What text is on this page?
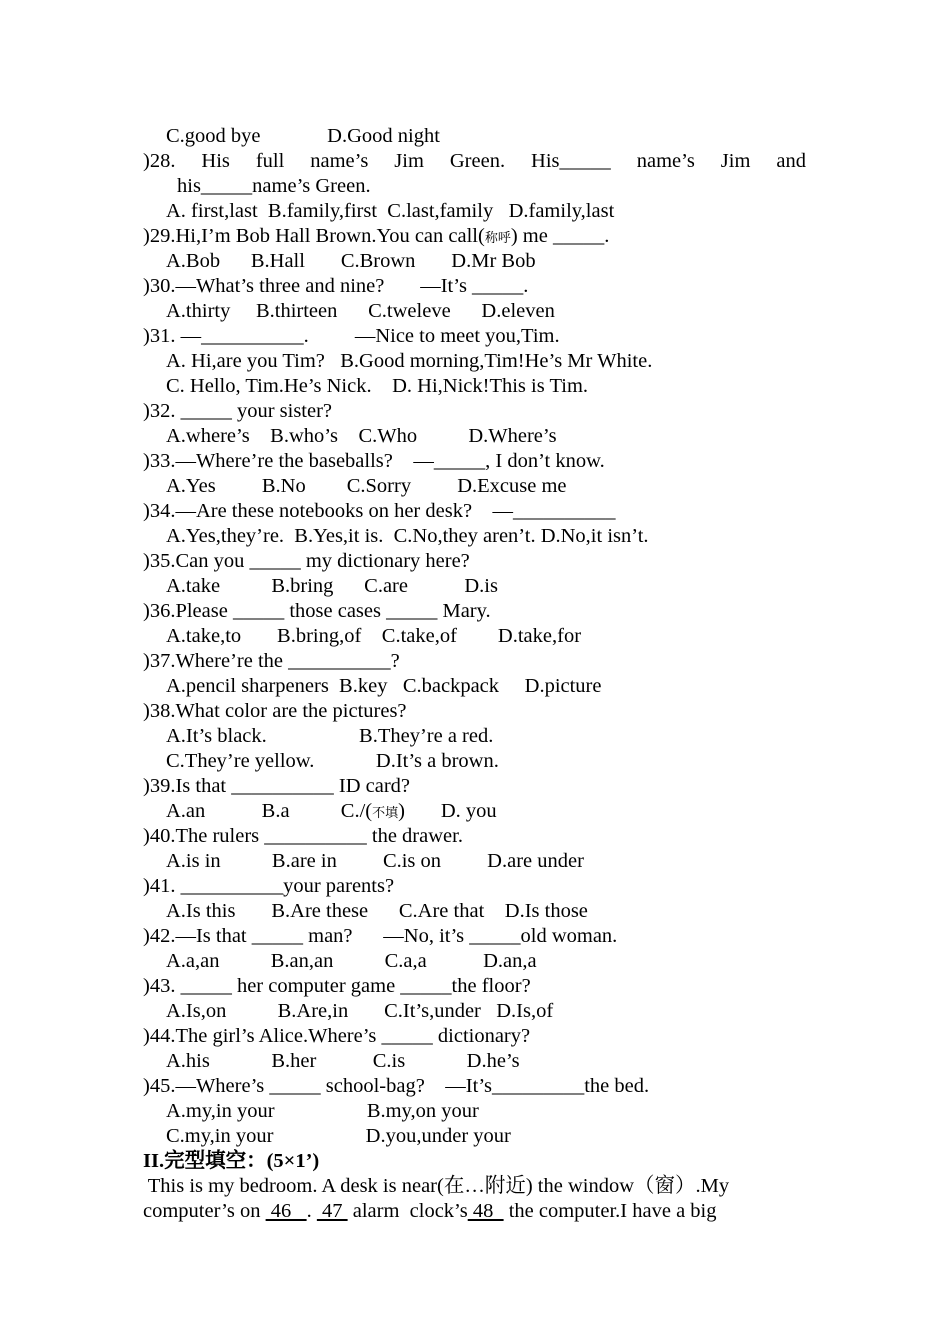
C.good bye             D.Good night
)28. His full name’s Jim Green. His_____ name’s Jim and
his_____name’s Green.
A. first,last  B.family,first  C.last,family   D.family,last
)29.Hi,I’m Bob Hall Brown.You can call(称呼) me _____.
A.Bob      B.Hall       C.Brown       D.Mr Bob
)30.—What’s three and nine?       —It’s _____.
A.thirty     B.thirteen      C.tweleve      D.eleven
)31. —__________.         —Nice to meet you,Tim.
A. Hi,are you Tim?   B.Good morning,Tim!He’s Mr White.
C. Hello, Tim.He’s Nick.    D. Hi,Nick!This is Tim.
)32. _____ your sister?
A.where’s    B.who’s    C.Who          D.Where’s
)33.—Where’re the baseballs?    —_____, I don’t know.
A.Yes         B.No        C.Sorry         D.Excuse me
)34.—Are these notebooks on her desk?    —__________
A.Yes,they’re.  B.Yes,it is.  C.No,they aren’t. D.No,it isn’t.
)35.Can you _____ my dictionary here?
A.take          B.bring      C.are           D.is
)36.Please _____ those cases _____ Mary.
A.take,to       B.bring,of    C.take,of        D.take,for
)37.Where’re the __________?
A.pencil sharpeners  B.key   C.backpack     D.picture
)38.What color are the pictures?
A.It’s black.                  B.They’re a red.
C.They’re yellow.            D.It’s a brown.
)39.Is that __________ ID card?
A.an           B.a          C./(不填)       D. you
)40.The rulers __________ the drawer.
A.is in          B.are in         C.is on         D.are under
)41. __________your parents?
A.Is this       B.Are these      C.Are that    D.Is those
)42.—Is that _____ man?      —No, it’s _____old woman.
A.a,an          B.an,an          C.a,a           D.an,a
)43. _____ her computer game _____the floor?
A.Is,on          B.Are,in       C.It’s,under   D.Is,of
)44.The girl’s Alice.Where’s _____ dictionary?
A.his            B.her           C.is            D.he’s
)45.—Where’s _____ school-bag?    —It’s_________the bed.
A.my,in your                  B.my,on your
C.my,in your                  D.you,under your
II.完型填空：(5×1’)
This is my bedroom. A desk is near(在…附近) the window（窗）.My
computer’s on  46   .  47  alarm  clock’s 48   the computer.I have a big
